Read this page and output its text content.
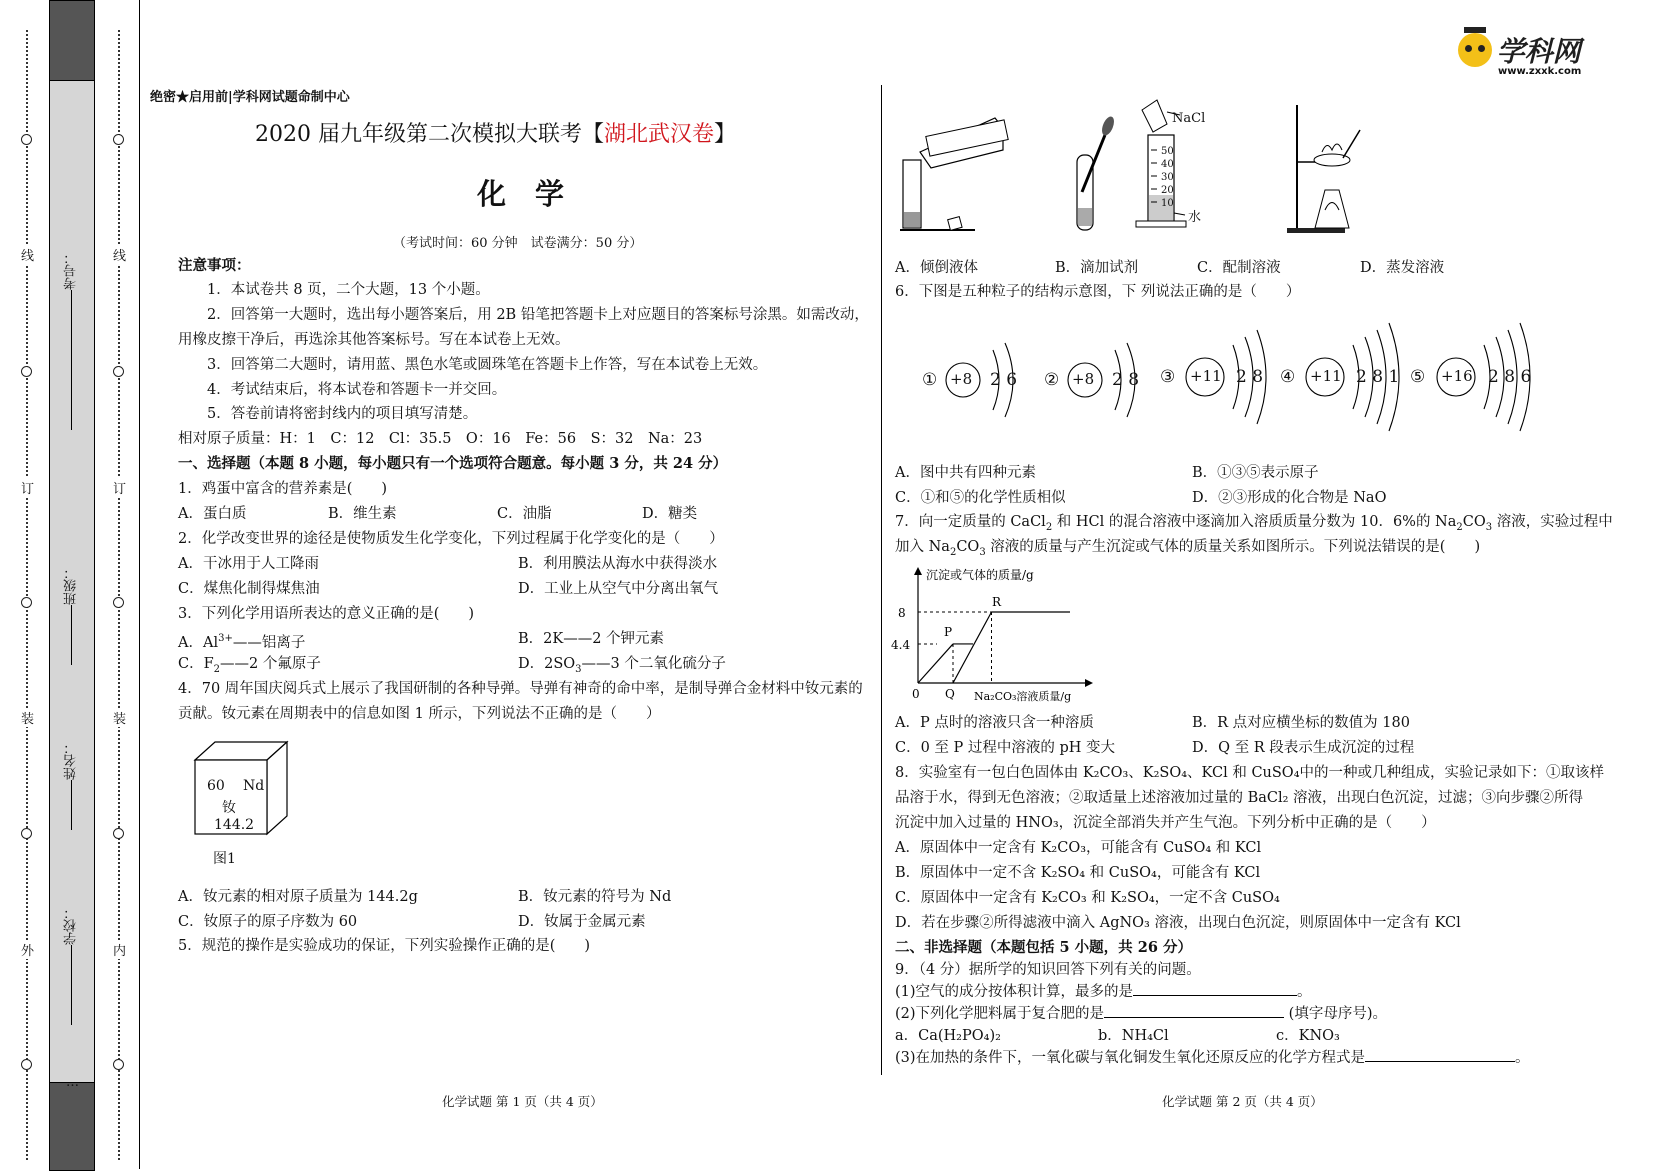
线
订
装
外
线
订
装
内
考号：
班级：
姓名：
学校：
…
学科网
www.zxxk.com
绝密★启用前|学科网试题命制中心
2020 届九年级第二次模拟大联考【湖北武汉卷】
化　学
（考试时间：60 分钟　试卷满分：50 分）
注意事项：
1．本试卷共 8 页，二个大题，13 个小题。
2．回答第一大题时，选出每小题答案后，用 2B 铅笔把答题卡上对应题目的答案标号涂黑。如需改动，
用橡皮擦干净后，再选涂其他答案标号。写在本试卷上无效。
3．回答第二大题时，请用蓝、黑色水笔或圆珠笔在答题卡上作答，写在本试卷上无效。
4．考试结束后，将本试卷和答题卡一并交回。
5．答卷前请将密封线内的项目填写清楚。
相对原子质量：H：1　C：12　Cl：35.5　O：16　Fe：56　S：32　Na：23
一、选择题（本题 8 小题，每小题只有一个选项符合题意。每小题 3 分，共 24 分）
1．鸡蛋中富含的营养素是(　　)
A．蛋白质	B．维生素	C．油脂	D．糖类
2．化学改变世界的途径是使物质发生化学变化，下列过程属于化学变化的是（　　）
A．干冰用于人工降雨	B．利用膜法从海水中获得淡水
C．煤焦化制得煤焦油	D．工业上从空气中分离出氧气
3．下列化学用语所表达的意义正确的是(　　)
A．$Al^{3+}——$铝离子	B．2K——2 个钾元素
C．$F_2——2$ 个氟原子	D．$2SO_3——3$ 个二氧化硫分子
4．70 周年国庆阅兵式上展示了我国研制的各种导弹。导弹有神奇的命中率，是制导弹合金材料中钕元素的
贡献。钕元素在周期表中的信息如图 1 所示，下列说法不正确的是（　　）
60 Nd
钕
144.2
图1
A．钕元素的相对原子质量为 144.2g	B．钕元素的符号为 Nd
C．钕原子的原子序数为 60	D．钕属于金属元素
5．规范的操作是实验成功的保证，下列实验操作正确的是(　　)
化学试题 第 1 页（共 4 页）
NaCl
50
40
30
20
10
水
A．倾倒液体	B．滴加试剂	C．配制溶液	D．蒸发溶液
6．下图是五种粒子的结构示意图，下 列说法正确的是（　　）
① +8 2 6 ② +8 2 8 ③ +11 2 8 ④ +11 2 8 1 ⑤ +16 2 8 6
A．图中共有四种元素	B．①③⑤表示原子
C．①和⑤的化学性质相似	D．②③形成的化合物是 NaO
7．向一定质量的 CaCl$_2$ 和 HCl 的混合溶液中逐滴加入溶质质量分数为 10．6%的 $Na_2CO_3$ 溶液，实验过程中
加入 $Na_2CO_3$ 溶液的质量与产生沉淀或气体的质量关系如图所示。下列说法错误的是(　　)
沉淀或气体的质量/g
8
4.4
0
P
R
Q Na₂CO₃溶液质量/g
A．P 点时的溶液只含一种溶质	B．R 点对应横坐标的数值为 180
C．0 至 P 过程中溶液的 pH 变大	D．Q 至 R 段表示生成沉淀的过程
8．实验室有一包白色固体由 K₂CO₃、K₂SO₄、KCl 和 CuSO₄中的一种或几种组成，实验记录如下：①取该样
品溶于水，得到无色溶液；②取适量上述溶液加过量的 BaCl₂ 溶液，出现白色沉淀，过滤；③向步骤②所得
沉淀中加入过量的 HNO₃，沉淀全部消失并产生气泡。下列分析中正确的是（　　）
A．原固体中一定含有 K₂CO₃，可能含有 CuSO₄ 和 KCl
B．原固体中一定不含 K₂SO₄ 和 CuSO₄，可能含有 KCl
C．原固体中一定含有 K₂CO₃ 和 K₂SO₄，一定不含 CuSO₄
D．若在步骤②所得滤液中滴入 AgNO₃ 溶液，出现白色沉淀，则原固体中一定含有 KCl
二、非选择题（本题包括 5 小题，共 26 分）
9．（4 分）据所学的知识回答下列有关的问题。
(1)空气的成分按体积计算，最多的是	。
(2)下列化学肥料属于复合肥的是	(填字母序号)。
a．Ca(H₂PO₄)₂	b．NH₄Cl	c．KNO₃
(3)在加热的条件下，一氧化碳与氧化铜发生氧化还原反应的化学方程式是	。
化学试题 第 2 页（共 4 页）
